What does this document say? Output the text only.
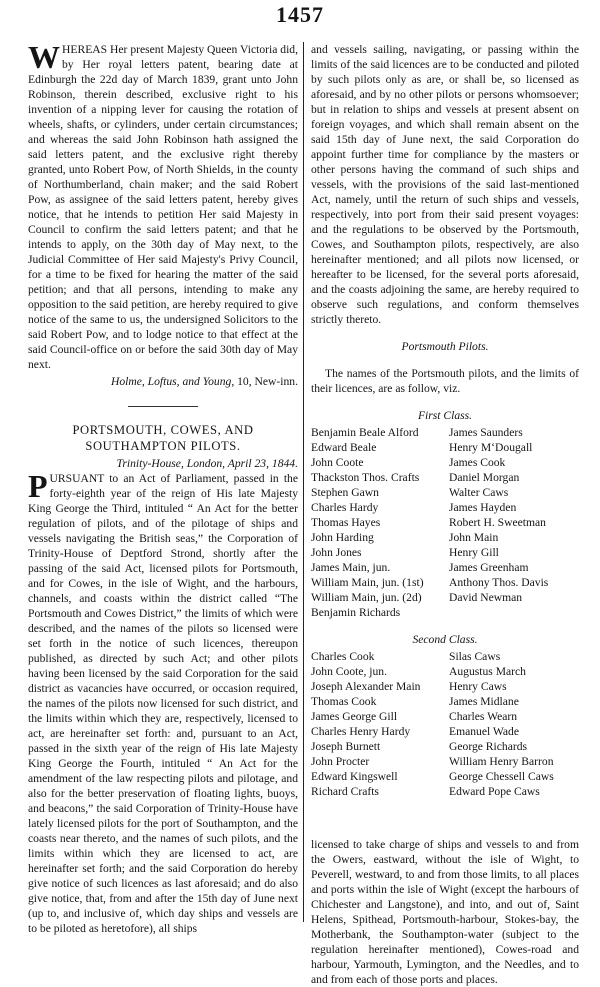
1457

WHEREAS Her present Majesty Queen Victoria did, by Her royal letters patent, bearing date at Edinburgh the 22d day of March 1839, grant unto John Robinson, therein described, exclusive right to his invention of a nipping lever for causing the rotation of wheels, shafts, or cylinders, under certain circumstances; and whereas the said John Robinson hath assigned the said letters patent, and the exclusive right thereby granted, unto Robert Pow, of North Shields, in the county of Northumberland, chain maker; and the said Robert Pow, as assignee of the said letters patent, hereby gives notice, that he intends to petition Her said Majesty in Council to confirm the said letters patent; and that he intends to apply, on the 30th day of May next, to the Judicial Committee of Her said Majesty's Privy Council, for a time to be fixed for hearing the matter of the said petition; and that all persons, intending to make any opposition to the said petition, are hereby required to give notice of the same to us, the undersigned Solicitors to the said Robert Pow, and to lodge notice to that effect at the said Council-office on or before the said 30th day of May next.

Holme, Loftus, and Young, 10, New-inn.

PORTSMOUTH, COWES, AND SOUTHAMPTON PILOTS.

Trinity-House, London, April 23, 1844.

PURSUANT to an Act of Parliament, passed in the forty-eighth year of the reign of His late Majesty King George the Third, intituled “ An Act for the better regulation of pilots, and of the pilotage of ships and vessels navigating the British seas,” the Corporation of Trinity-House of Deptford Strond, shortly after the passing of the said Act, licensed pilots for Portsmouth, and for Cowes, in the isle of Wight, and the harbours, channels, and coasts within the district called “The Portsmouth and Cowes District,” the limits of which were described, and the names of the pilots so licensed were set forth in the notice of such licences, thereupon published, as directed by such Act; and other pilots having been licensed by the said Corporation for the said district as vacancies have occurred, or occasion required, the names of the pilots now licensed for such district, and the limits within which they are, respectively, licensed to act, are hereinafter set forth: and, pursuant to an Act, passed in the sixth year of the reign of His late Majesty King George the Fourth, intituled “ An Act for the amendment of the law respecting pilots and pilotage, and also for the better preservation of floating lights, buoys, and beacons,” the said Corporation of Trinity-House have lately licensed pilots for the port of Southampton, and the coasts near thereto, and the names of such pilots, and the limits within which they are licensed to act, are hereinafter set forth; and the said Corporation do hereby give notice of such licences as last aforesaid; and do also give notice, that, from and after the 15th day of June next (up to, and inclusive of, which day ships and vessels are to be piloted as heretofore), all ships

and vessels sailing, navigating, or passing within the limits of the said licences are to be conducted and piloted by such pilots only as are, or shall be, so licensed as aforesaid, and by no other pilots or persons whomsoever; but in relation to ships and vessels at present absent on foreign voyages, and which shall remain absent on the said 15th day of June next, the said Corporation do appoint further time for compliance by the masters or other persons having the command of such ships and vessels, with the provisions of the said last-mentioned Act, namely, until the return of such ships and vessels, respectively, into port from their said present voyages: and the regulations to be observed by the Portsmouth, Cowes, and Southampton pilots, respectively, are also hereinafter mentioned; and all pilots now licensed, or hereafter to be licensed, for the several ports aforesaid, and the coasts adjoining the same, are hereby required to observe such regulations, and conform themselves strictly thereto.

Portsmouth Pilots.

The names of the Portsmouth pilots, and the limits of their licences, are as follow, viz.

First Class.

Benjamin Beale Alford	James Saunders
Edward Beale	Henry M‘Dougall
John Coote	James Cook
Thackston Thos. Crafts	Daniel Morgan
Stephen Gawn	Walter Caws
Charles Hardy	James Hayden
Thomas Hayes	Robert H. Sweetman
John Harding	John Main
John Jones	Henry Gill
James Main, jun.	James Greenham
William Main, jun. (1st)	Anthony Thos. Davis
William Main, jun. (2d)	David Newman
Benjamin Richards	

Second Class.

Charles Cook	Silas Caws
John Coote, jun.	Augustus March
Joseph Alexander Main	Henry Caws
Thomas Cook	James Midlane
James George Gill	Charles Wearn
Charles Henry Hardy	Emanuel Wade
Joseph Burnett	George Richards
John Procter	William Henry Barron
Edward Kingswell	George Chessell Caws
Richard Crafts	Edward Pope Caws

licensed to take charge of ships and vessels to and from the Owers, eastward, without the isle of Wight, to Peverell, westward, to and from those limits, to all places and ports within the isle of Wight (except the harbours of Chichester and Langstone), and into, and out of, Saint Helens, Spithead, Portsmouth-harbour, Stokes-bay, the Motherbank, the Southampton-water (subject to the regulation hereinafter mentioned), Cowes-road and harbour, Yarmouth, Lymington, and the Needles, and to and from each of those ports and places.
